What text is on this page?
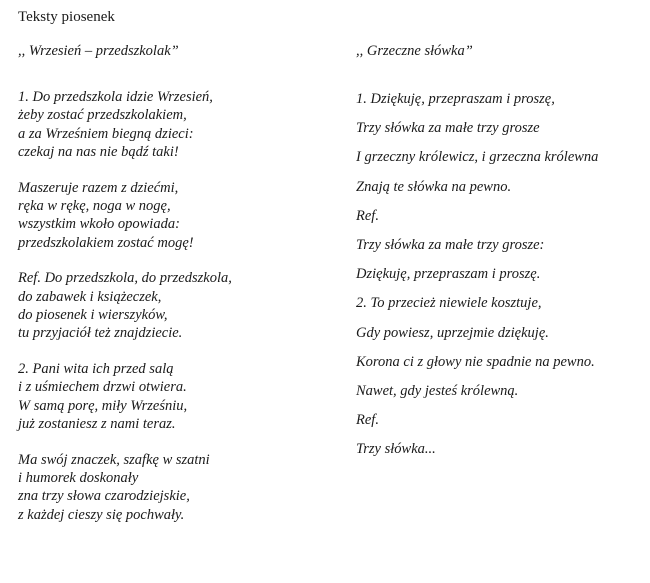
Teksty piosenek
,, Wrzesień – przedszkolak”
1. Do przedszkola idzie Wrzesień,
żeby zostać przedszkolakiem,
a za Wrześniem biegną dzieci:
czekaj na nas nie bądź taki!
Maszeruje razem z dziećmi,
ręka w rękę, noga w nogę,
wszystkim wkoło opowiada:
przedszkolakiem zostać mogę!
Ref. Do przedszkola, do przedszkola,
do zabawek i książeczek,
do piosenek i wierszyków,
tu przyjaciół też znajdziecie.
2. Pani wita ich przed salą
i z uśmiechem drzwi otwiera.
W samą porę, miły Wrześniu,
już zostaniesz z nami teraz.
Ma swój znaczek, szafkę w szatni
i humorek doskonały
zna trzy słowa czarodziejskie,
z każdej cieszy się pochwały.
,, Grzeczne słówka”
1. Dziękuję, przepraszam i proszę,
Trzy słówka za małe trzy grosze
I grzeczny królewicz, i grzeczna królewna
Znają te słówka na pewno.
Ref.
Trzy słówka za małe trzy grosze:
Dziękuję, przepraszam i proszę.
2. To przecież niewiele kosztuje,
Gdy powiesz, uprzejmie dziękuję.
Korona ci z głowy nie spadnie na pewno.
Nawet, gdy jesteś królewną.
Ref.
Trzy słówka...
